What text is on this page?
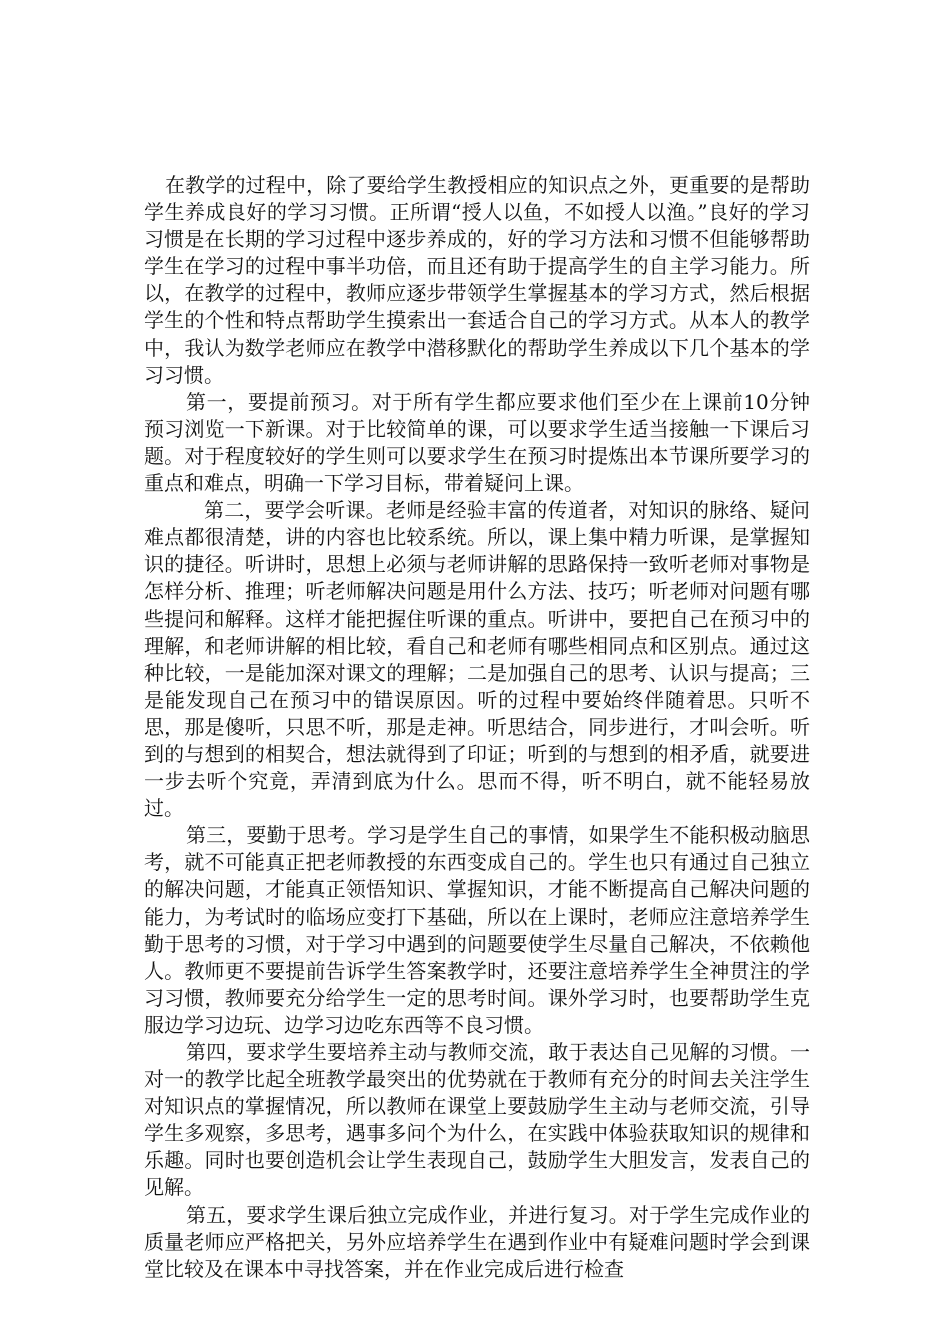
在教学的过程中，除了要给学生教授相应的知识点之外，更重要的是帮助学生养成良好的学习习惯。正所谓“授人以鱼，不如授人以渔。”良好的学习习惯是在长期的学习过程中逐步养成的，好的学习方法和习惯不但能够帮助学生在学习的过程中事半功倍，而且还有助于提高学生的自主学习能力。所以，在教学的过程中，教师应逐步带领学生掌握基本的学习方式，然后根据学生的个性和特点帮助学生摸索出一套适合自己的学习方式。从本人的教学中，我认为数学老师应在教学中潜移默化的帮助学生养成以下几个基本的学习习惯。

第一，要提前预习。对于所有学生都应要求他们至少在上课前10分钟预习浏览一下新课。对于比较简单的课，可以要求学生适当接触一下课后习题。对于程度较好的学生则可以要求学生在预习时提炼出本节课所要学习的重点和难点，明确一下学习目标，带着疑问上课。

第二，要学会听课。老师是经验丰富的传道者，对知识的脉络、疑问难点都很清楚，讲的内容也比较系统。所以，课上集中精力听课，是掌握知识的捷径。听讲时，思想上必须与老师讲解的思路保持一致听老师对事物是怎样分析、推理；听老师解决问题是用什么方法、技巧；听老师对问题有哪些提问和解释。这样才能把握住听课的重点。听讲中，要把自己在预习中的理解，和老师讲解的相比较，看自己和老师有哪些相同点和区别点。通过这种比较，一是能加深对课文的理解；二是加强自己的思考、认识与提高；三是能发现自己在预习中的错误原因。听的过程中要始终伴随着思。只听不思，那是傻听，只思不听，那是走神。听思结合，同步进行，才叫会听。听到的与想到的相契合，想法就得到了印证；听到的与想到的相矛盾，就要进一步去听个究竟，弄清到底为什么。思而不得，听不明白，就不能轻易放过。

第三，要勤于思考。学习是学生自己的事情，如果学生不能积极动脑思考，就不可能真正把老师教授的东西变成自己的。学生也只有通过自己独立的解决问题，才能真正领悟知识、掌握知识，才能不断提高自己解决问题的能力，为考试时的临场应变打下基础，所以在上课时，老师应注意培养学生勤于思考的习惯，对于学习中遇到的问题要使学生尽量自己解决，不依赖他人。教师更不要提前告诉学生答案教学时，还要注意培养学生全神贯注的学习习惯，教师要充分给学生一定的思考时间。课外学习时，也要帮助学生克服边学习边玩、边学习边吃东西等不良习惯。

第四，要求学生要培养主动与教师交流，敢于表达自己见解的习惯。一对一的教学比起全班教学最突出的优势就在于教师有充分的时间去关注学生对知识点的掌握情况，所以教师在课堂上要鼓励学生主动与老师交流，引导学生多观察，多思考，遇事多问个为什么，在实践中体验获取知识的规律和乐趣。同时也要创造机会让学生表现自己，鼓励学生大胆发言，发表自己的见解。

第五，要求学生课后独立完成作业，并进行复习。对于学生完成作业的质量老师应严格把关，另外应培养学生在遇到作业中有疑难问题时学会到课堂比较及在课本中寻找答案，并在作业完成后进行检查
